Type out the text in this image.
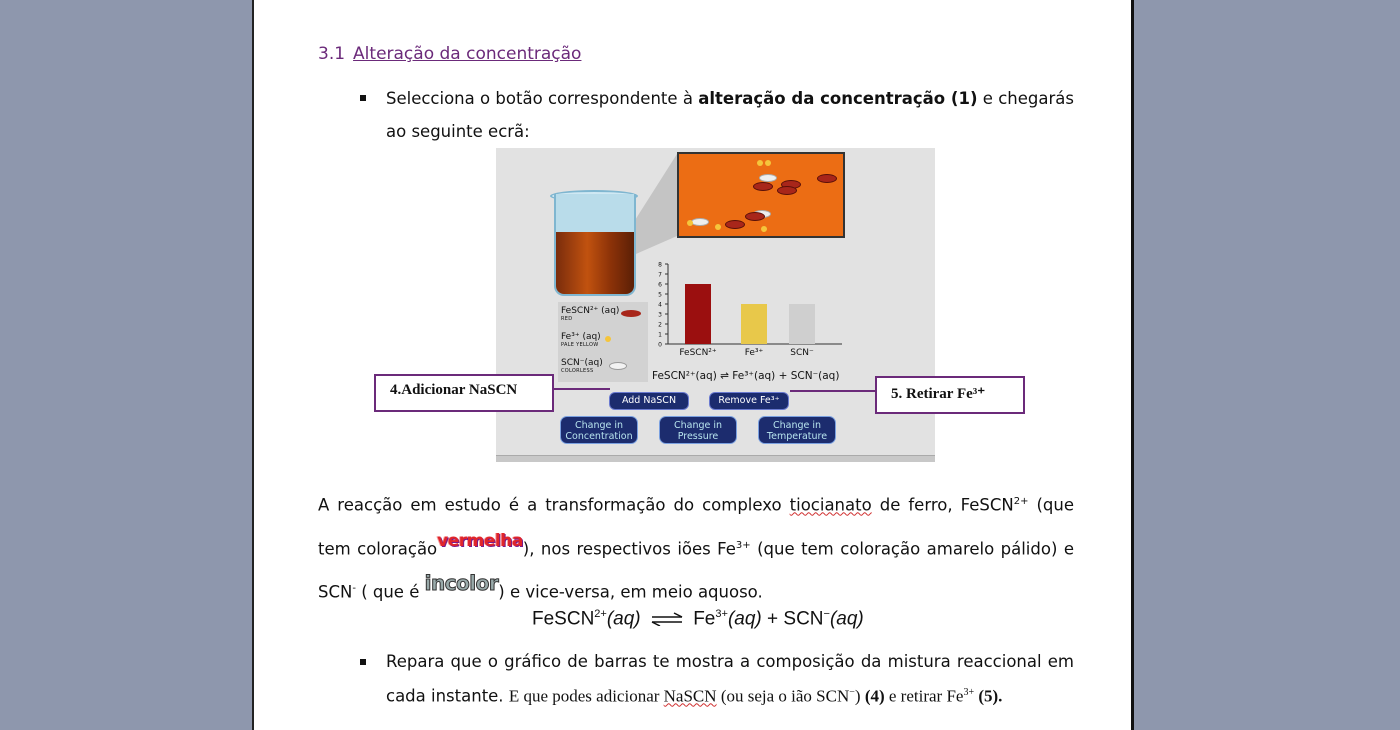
3.1 Alteração da concentração
Selecciona o botão correspondente à alteração da concentração (1) e chegarás ao seguinte ecrã:
FeSCN²⁺ (aq)
RED
Fe³⁺ (aq)
PALE YELLOW
SCN⁻(aq)
COLORLESS
0
1
2
3
4
5
6
7
8
FeSCN²⁺	Fe³⁺	SCN⁻
FeSCN²⁺(aq) ⇌ Fe³⁺(aq) + SCN⁻(aq)
Add NaSCN	Remove Fe³⁺
Change in
Concentration
Change in
Pressure
Change in
Temperature
4.Adicionar NaSCN	5. Retirar Fe³⁺
A reacção em estudo é a transformação do complexo tiocianato de ferro, FeSCN$^{2+}$ (que tem coloraçãovermelha), nos respectivos iões $Fe^{3+}$ (que tem coloração amarelo pálido) e SCN- ( que é incolor) e vice-versa, em meio aquoso.
FeSCN$^{2+}$(aq) ⇌ $Fe^{3+}(aq) + SCN^-(aq)$
Repara que o gráfico de barras te mostra a composição da mistura reaccional em cada instante. E que podes adicionar NaSCN (ou seja o ião SCN−) (4) e retirar $Fe^{3+}$ (5).
